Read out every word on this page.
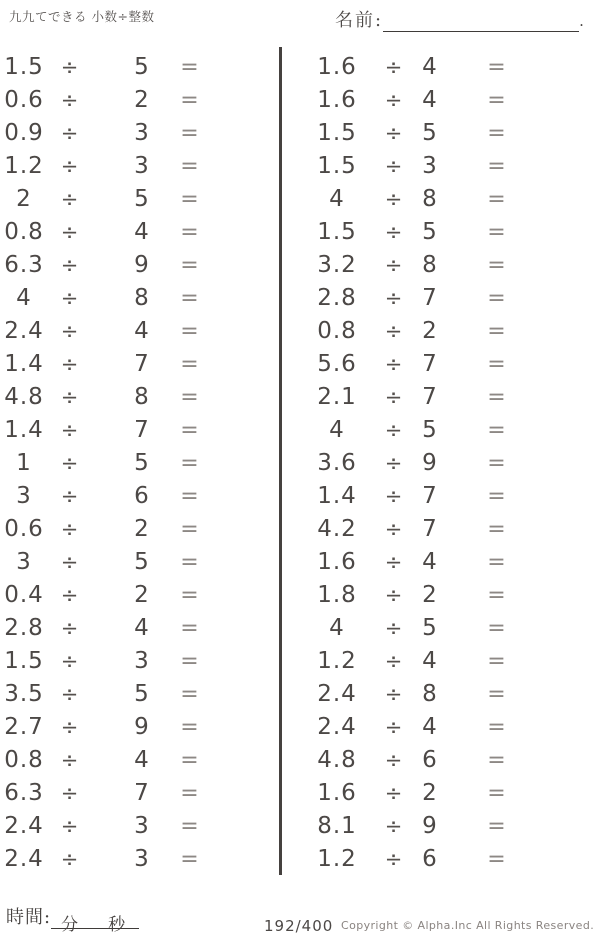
九九てできる 小数÷整数	名前:	.
1.5 ÷	5	=
0.6 ÷	2	=
0.9 ÷	3	=
1.2 ÷	3	=
2	÷	5	=
0.8 ÷	4	=
6.3 ÷	9	=
4	÷	8	=
2.4 ÷	4	=
1.4 ÷	7	=
4.8 ÷	8	=
1.4 ÷	7	=
1	÷	5	=
3	÷	6	=
0.6 ÷	2	=
3	÷	5	=
0.4 ÷	2	=
2.8 ÷	4	=
1.5 ÷	3	=
3.5 ÷	5	=
2.7 ÷	9	=
0.8 ÷	4	=
6.3 ÷	7	=
2.4 ÷	3	=
2.4 ÷	3	=
1.6	÷ 4	=
1.6	÷ 4	=
1.5	÷ 5	=
1.5	÷ 3	=
4	÷ 8	=
1.5	÷ 5	=
3.2	÷ 8	=
2.8	÷ 7	=
0.8	÷ 2	=
5.6	÷ 7	=
2.1	÷ 7	=
4	÷ 5	=
3.6	÷ 9	=
1.4	÷ 7	=
4.2	÷ 7	=
1.6	÷ 4	=
1.8	÷ 2	=
4	÷ 5	=
1.2	÷ 4	=
2.4	÷ 8	=
2.4	÷ 4	=
4.8	÷ 6	=
1.6	÷ 2	=
8.1	÷ 9	=
1.2	÷ 6	=
時間: 分 秒	192/400 Copyright © Alpha.Inc All Rights Reserved.
